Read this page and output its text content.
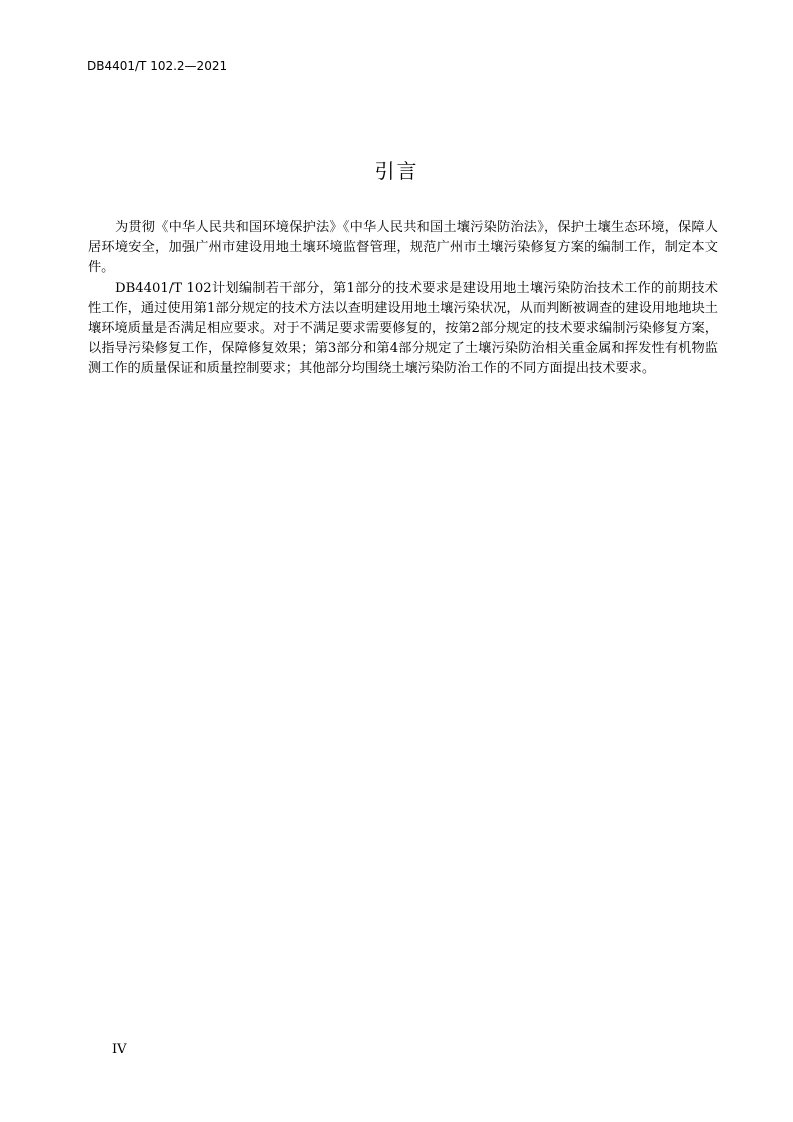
DB4401/T 102.2—2021
引言

为贯彻《中华人民共和国环境保护法》《中华人民共和国土壤污染防治法》，保护土壤生态环境，保障人居环境安全，加强广州市建设用地土壤环境监督管理，规范广州市土壤污染修复方案的编制工作，制定本文件。

DB4401/T 102计划编制若干部分，第1部分的技术要求是建设用地土壤污染防治技术工作的前期技术性工作，通过使用第1部分规定的技术方法以查明建设用地土壤污染状况，从而判断被调查的建设用地地块土壤环境质量是否满足相应要求。对于不满足要求需要修复的，按第2部分规定的技术要求编制污染修复方案，以指导污染修复工作，保障修复效果；第3部分和第4部分规定了土壤污染防治相关重金属和挥发性有机物监测工作的质量保证和质量控制要求；其他部分均围绕土壤污染防治工作的不同方面提出技术要求。

IV
